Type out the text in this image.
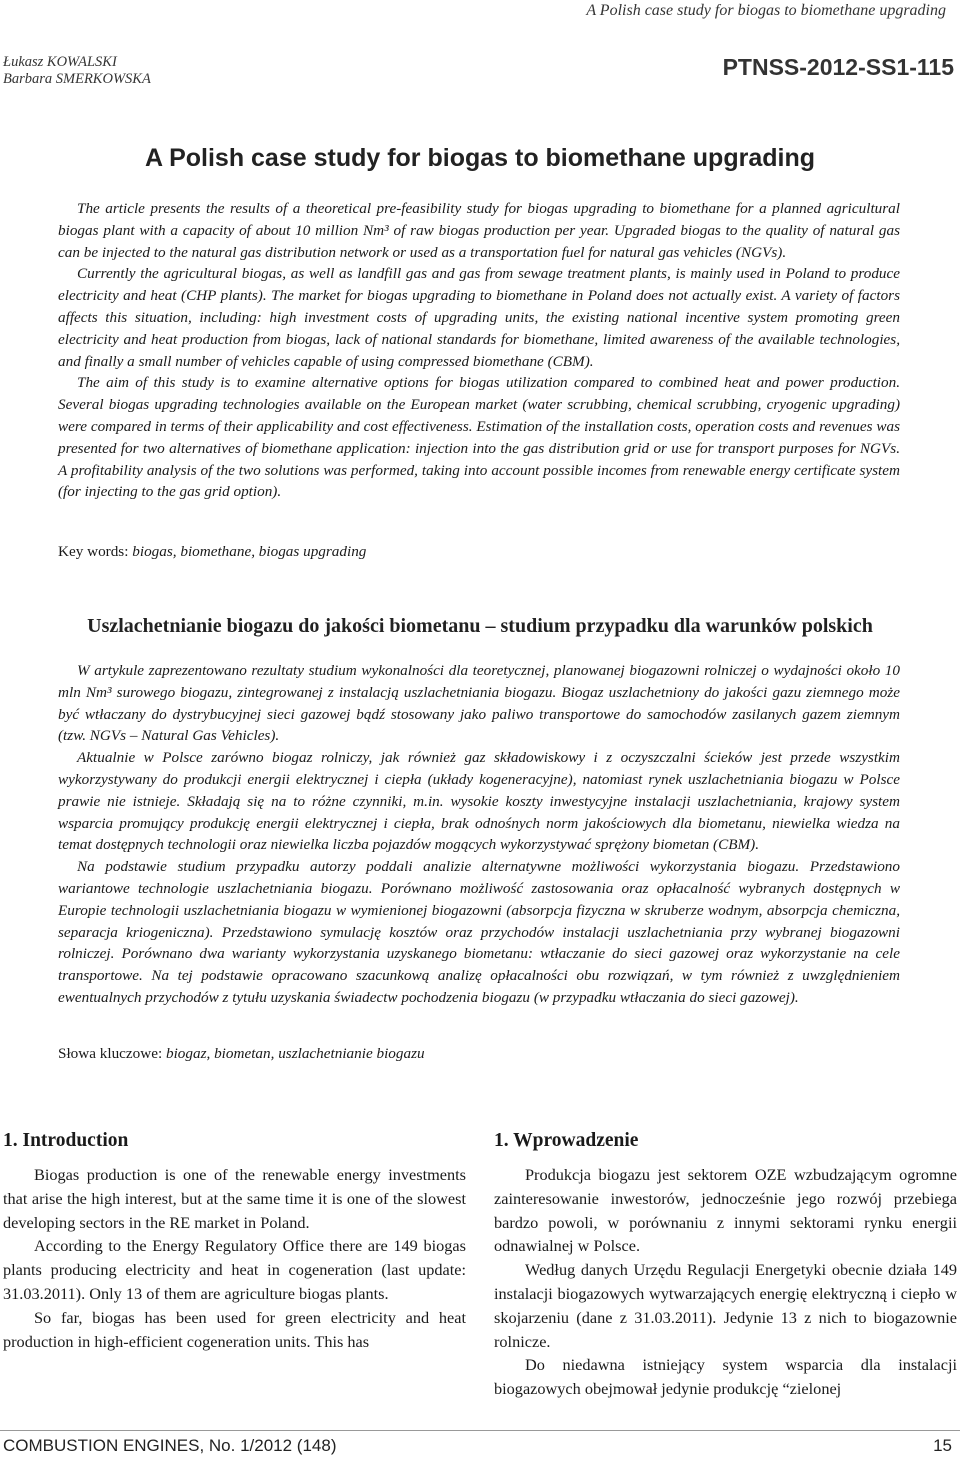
A Polish case study for biogas to biomethane upgrading
Łukasz KOWALSKI
Barbara SMERKOWSKA	PTNSS-2012-SS1-115
A Polish case study for biogas to biomethane upgrading

The article presents the results of a theoretical pre-feasibility study for biogas upgrading to biomethane for a planned agricultural biogas plant with a capacity of about 10 million Nm³ of raw biogas production per year. Upgraded biogas to the quality of natural gas can be injected to the natural gas distribution network or used as a transportation fuel for natural gas vehicles (NGVs).

Currently the agricultural biogas, as well as landfill gas and gas from sewage treatment plants, is mainly used in Poland to produce electricity and heat (CHP plants). The market for biogas upgrading to biomethane in Poland does not actually exist. A variety of factors affects this situation, including: high investment costs of upgrading units, the existing national incentive system promoting green electricity and heat production from biogas, lack of national standards for biomethane, limited awareness of the available technologies, and finally a small number of vehicles capable of using compressed biomethane (CBM).

The aim of this study is to examine alternative options for biogas utilization compared to combined heat and power production. Several biogas upgrading technologies available on the European market (water scrubbing, chemical scrubbing, cryogenic upgrading) were compared in terms of their applicability and cost effectiveness. Estimation of the installation costs, operation costs and revenues was presented for two alternatives of biomethane application: injection into the gas distribution grid or use for transport purposes for NGVs. A profitability analysis of the two solutions was performed, taking into account possible incomes from renewable energy certificate system (for injecting to the gas grid option).

Key words: biogas, biomethane, biogas upgrading
Uszlachetnianie biogazu do jakości biometanu – studium przypadku dla warunków polskich

W artykule zaprezentowano rezultaty studium wykonalności dla teoretycznej, planowanej biogazowni rolniczej o wydajności około 10 mln Nm³ surowego biogazu, zintegrowanej z instalacją uszlachetniania biogazu. Biogaz uszlachetniony do jakości gazu ziemnego może być wtłaczany do dystrybucyjnej sieci gazowej bądź stosowany jako paliwo transportowe do samochodów zasilanych gazem ziemnym (tzw. NGVs – Natural Gas Vehicles).

Aktualnie w Polsce zarówno biogaz rolniczy, jak również gaz składowiskowy i z oczyszczalni ścieków jest przede wszystkim wykorzystywany do produkcji energii elektrycznej i ciepła (układy kogeneracyjne), natomiast rynek uszlachetniania biogazu w Polsce prawie nie istnieje. Składają się na to różne czynniki, m.in. wysokie koszty inwestycyjne instalacji uszlachetniania, krajowy system wsparcia promujący produkcję energii elektrycznej i ciepła, brak odnośnych norm jakościowych dla biometanu, niewielka wiedza na temat dostępnych technologii oraz niewielka liczba pojazdów mogących wykorzystywać sprężony biometan (CBM).

Na podstawie studium przypadku autorzy poddali analizie alternatywne możliwości wykorzystania biogazu. Przedstawiono wariantowe technologie uszlachetniania biogazu. Porównano możliwość zastosowania oraz opłacalność wybranych dostępnych w Europie technologii uszlachetniania biogazu w wymienionej biogazowni (absorpcja fizyczna w skruberze wodnym, absorpcja chemiczna, separacja kriogeniczna). Przedstawiono symulację kosztów oraz przychodów instalacji uszlachetniania przy wybranej biogazowni rolniczej. Porównano dwa warianty wykorzystania uzyskanego biometanu: wtłaczanie do sieci gazowej oraz wykorzystanie na cele transportowe. Na tej podstawie opracowano szacunkową analizę opłacalności obu rozwiązań, w tym również z uwzględnieniem ewentualnych przychodów z tytułu uzyskania świadectw pochodzenia biogazu (w przypadku wtłaczania do sieci gazowej).

Słowa kluczowe: biogaz, biometan, uszlachetnianie biogazu
1. Introduction

Biogas production is one of the renewable energy investments that arise the high interest, but at the same time it is one of the slowest developing sectors in the RE market in Poland.

According to the Energy Regulatory Office there are 149 biogas plants producing electricity and heat in cogeneration (last update: 31.03.2011). Only 13 of them are agriculture biogas plants.

So far, biogas has been used for green electricity and heat production in high-efficient cogeneration units. This has

1. Wprowadzenie

Produkcja biogazu jest sektorem OZE wzbudzającym ogromne zainteresowanie inwestorów, jednocześnie jego rozwój przebiega bardzo powoli, w porównaniu z innymi sektorami rynku energii odnawialnej w Polsce.

Według danych Urzędu Regulacji Energetyki obecnie działa 149 instalacji biogazowych wytwarzających energię elektryczną i ciepło w skojarzeniu (dane z 31.03.2011). Jedynie 13 z nich to biogazownie rolnicze.

Do niedawna istniejący system wsparcia dla instalacji biogazowych obejmował jedynie produkcję “zielonej

COMBUSTION ENGINES, No. 1/2012 (148)	15
